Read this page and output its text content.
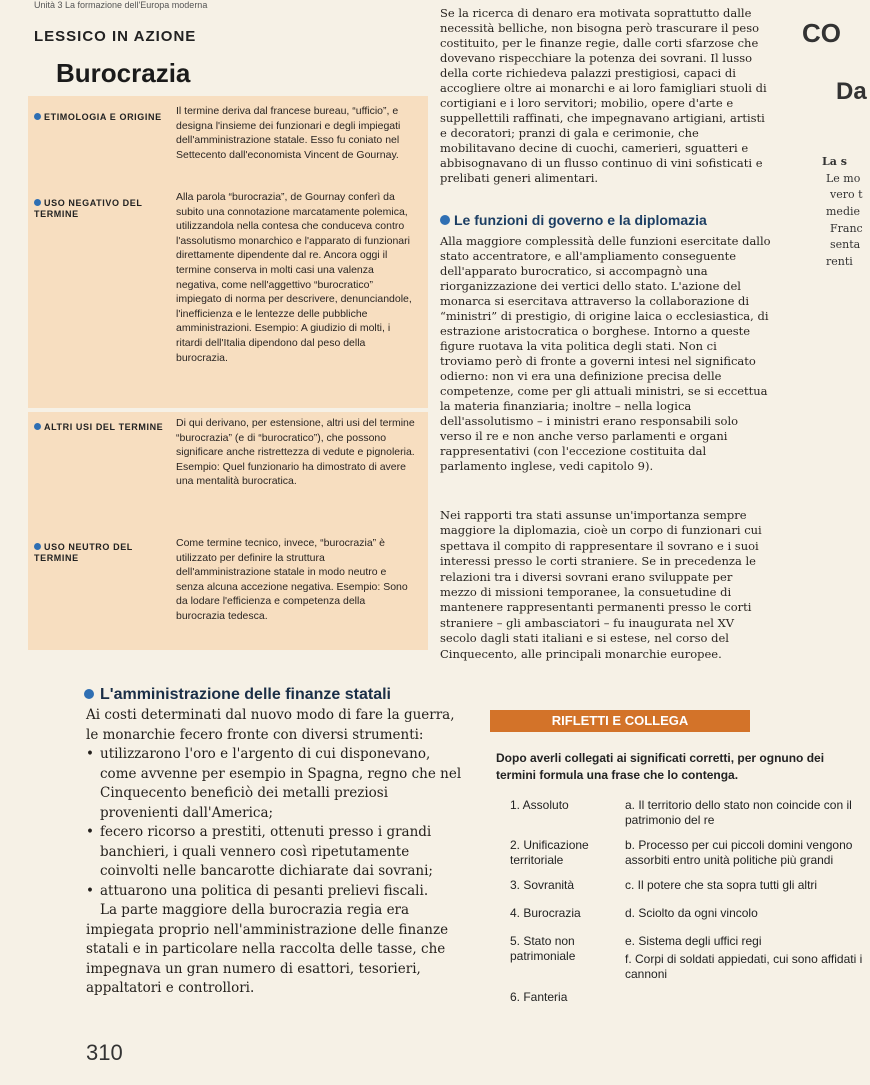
Unità 3 La formazione dell'Europa moderna
LESSICO IN AZIONE
Burocrazia
ETIMOLOGIA E ORIGINE Il termine deriva dal francese bureau, “ufficio”, e designa l'insieme dei funzionari e degli impiegati dell'amministrazione statale. Esso fu coniato nel Settecento dall'economista Vincent de Gournay.

USO NEGATIVO DEL TERMINE

Alla parola “burocrazia”, de Gournay conferì da subito una connotazione marcatamente polemica, utilizzandola nella contesa che conduceva contro l'assolutismo monarchico e l'apparato di funzionari direttamente dipendente dal re. Ancora oggi il termine conserva in molti casi una valenza negativa, come nell'aggettivo “burocratico” impiegato di norma per descrivere, denunciandole, l'inefficienza e le lentezze delle pubbliche amministrazioni. Esempio: A giudizio di molti, i ritardi dell'Italia dipendono dal peso della burocrazia.

ALTRI USI DEL TERMINE Di qui derivano, per estensione, altri usi del termine “burocrazia” (e di “burocratico”), che possono significare anche ristrettezza di vedute e pignoleria. Esempio: Quel funzionario ha dimostrato di avere una mentalità burocratica.

USO NEUTRO DEL TERMINE

Come termine tecnico, invece, “burocrazia” è utilizzato per definire la struttura dell'amministrazione statale in modo neutro e senza alcuna accezione negativa. Esempio: Sono da lodare l'efficienza e competenza della burocrazia tedesca.

Se la ricerca di denaro era motivata soprattutto dalle necessità belliche, non bisogna però trascurare il peso costituito, per le finanze regie, dalle corti sfarzose che dovevano rispecchiare la potenza dei sovrani. Il lusso della corte richiedeva palazzi prestigiosi, capaci di accogliere oltre ai monarchi e ai loro famigliari stuoli di cortigiani e i loro servitori; mobilio, opere d'arte e suppellettili raffinati, che impegnavano artigiani, artisti e decoratori; pranzi di gala e cerimonie, che mobilitavano decine di cuochi, camerieri, sguatteri e abbisognavano di un flusso continuo di vini sofisticati e prelibati generi alimentari.

Le funzioni di governo e la diplomazia

Alla maggiore complessità delle funzioni esercitate dallo stato accentratore, e all'ampliamento conseguente dell'apparato burocratico, si accompagnò una riorganizzazione dei vertici dello stato. L'azione del monarca si esercitava attraverso la collaborazione di “ministri” di prestigio, di origine laica o ecclesiastica, di estrazione aristocratica o borghese. Intorno a queste figure ruotava la vita politica degli stati. Non ci troviamo però di fronte a governi intesi nel significato odierno: non vi era una definizione precisa delle competenze, come per gli attuali ministri, se si eccettua la materia finanziaria; inoltre – nella logica dell'assolutismo – i ministri erano responsabili solo verso il re e non anche verso parlamenti e organi rappresentativi (con l'eccezione costituita dal parlamento inglese, vedi capitolo 9).

Nei rapporti tra stati assunse un'importanza sempre maggiore la diplomazia, cioè un corpo di funzionari cui spettava il compito di rappresentare il sovrano e i suoi interessi presso le corti straniere. Se in precedenza le relazioni tra i diversi sovrani erano sviluppate per mezzo di missioni temporanee, la consuetudine di mantenere rappresentanti permanenti presso le corti straniere – gli ambasciatori – fu inaugurata nel XV secolo dagli stati italiani e si estese, nel corso del Cinquecento, alle principali monarchie europee.

CO
Da
La s
Le mo
vero t
medie
Franc
senta
renti
L'amministrazione delle finanze statali

Ai costi determinati dal nuovo modo di fare la guerra, le monarchie fecero fronte con diversi strumenti:

• utilizzarono l'oro e l'argento di cui disponevano, come avvenne per esempio in Spagna, regno che nel Cinquecento beneficiò dei metalli preziosi provenienti dall'America;

• fecero ricorso a prestiti, ottenuti presso i grandi banchieri, i quali vennero così ripetutamente coinvolti nelle bancarotte dichiarate dai sovrani;

• attuarono una politica di pesanti prelievi fiscali.

La parte maggiore della burocrazia regia era impiegata proprio nell'amministrazione delle finanze statali e in particolare nella raccolta delle tasse, che impegnava un gran numero di esattori, tesorieri, appaltatori e controllori.

310
RIFLETTI E COLLEGA
Dopo averli collegati ai significati corretti, per ognuno dei termini formula una frase che lo contenga.
1. Assoluto
2. Unificazione territoriale
3. Sovranità
4. Burocrazia
5. Stato non patrimoniale
6. Fanteria
a. Il territorio dello stato non coincide con il patrimonio del re
b. Processo per cui piccoli domini vengono assorbiti entro unità politiche più grandi
c. Il potere che sta sopra tutti gli altri
d. Sciolto da ogni vincolo
e. Sistema degli uffici regi
f. Corpi di soldati appiedati, cui sono affidati i cannoni
